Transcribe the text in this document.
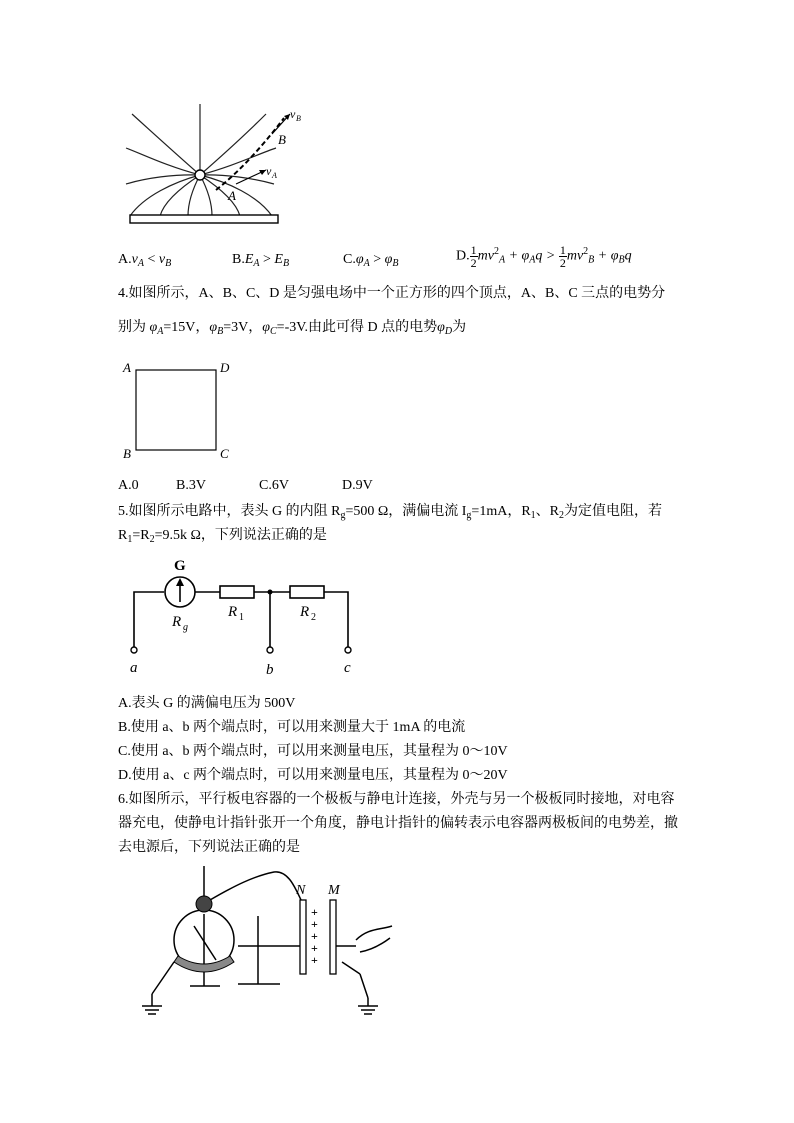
A
B
v B
v A
$A.v_A < v_B$	$B.E_A > E_B$	$C.\varphi_A > \varphi_B$	D. $\frac{1}{2} mv^2_A + \varphi_Aq > \frac{1}{2} mv^2_B + \varphi_Bq$
4.如图所示，A、B、C、D 是匀强电场中一个正方形的四个顶点，A、B、C 三点的电势分
别为 $\varphi_A=15V$，$\varphi_B=3V$，$\varphi_C=-3V$.由此可得 D 点的电势$\varphi_D$为
A	D
B	C
A.0	B.3V	C.6V	D.9V
5.如图所示电路中，表头 G 的内阻 $R_g=500$ Ω，满偏电流 $I_g=1mA$，$R_1$、$R_2$为定值电阻，若
$R_1=R_2=9.5k$ Ω，下列说法正确的是
G
R g
R 1	R 2
a	b	c
A.表头 G 的满偏电压为 500V
B.使用 a、b 两个端点时，可以用来测量大于 1mA 的电流
C.使用 a、b 两个端点时，可以用来测量电压，其量程为 0～10V
D.使用 a、c 两个端点时，可以用来测量电压，其量程为 0～20V
6.如图所示，平行板电容器的一个极板与静电计连接，外壳与另一个极板同时接地，对电容
器充电，使静电计指针张开一个角度，静电计指针的偏转表示电容器两极板间的电势差，撤
去电源后，下列说法正确的是
N M
+
+
+
+
+
